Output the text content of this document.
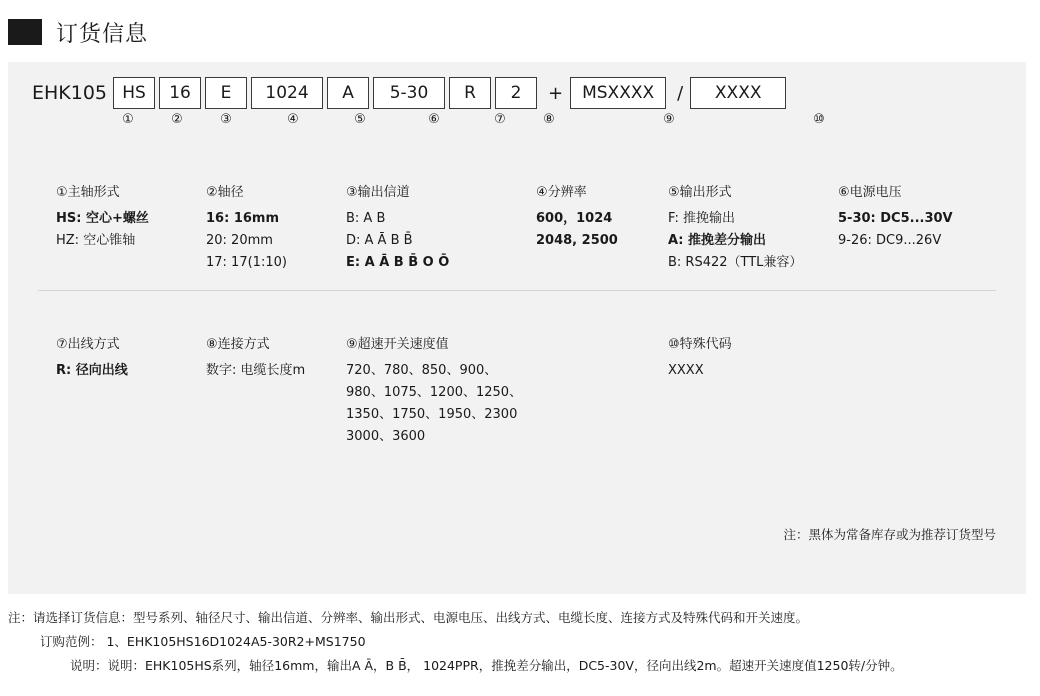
订货信息
EHK105 HS	16	E	1024	A	5-30	R	2	+	MSXXXX	/	XXXX
①	②	③	④	⑤	⑥	⑦	⑧	⑨	⑩
①主轴形式
HS: 空心+螺丝
HZ: 空心锥轴
②轴径
16: 16mm
20: 20mm
17: 17(1:10)
③输出信道
B: A B
D: A Ā B B̄
E: A Ā B B̄ O Ō
④分辨率
600，1024
2048, 2500
⑤输出形式
F: 推挽输出
A: 推挽差分输出
B: RS422（TTL兼容）
⑥电源电压
5-30: DC5...30V
9-26: DC9...26V
⑦出线方式
R: 径向出线
⑧连接方式
数字: 电缆长度m
⑨超速开关速度值
720、780、850、900、
980、1075、1200、1250、
1350、1750、1950、2300
3000、3600
⑩特殊代码
XXXX
注：黑体为常备库存或为推荐订货型号
注：请选择订货信息：型号系列、轴径尺寸、输出信道、分辨率、输出形式、电源电压、出线方式、电缆长度、连接方式及特殊代码和开关速度。
订购范例： 1、EHK105HS16D1024A5-30R2+MS1750
说明：说明：EHK105HS系列，轴径16mm，输出A Ā，B B̄， 1024PPR，推挽差分输出，DC5-30V，径向出线2m。超速开关速度值1250转/分钟。
